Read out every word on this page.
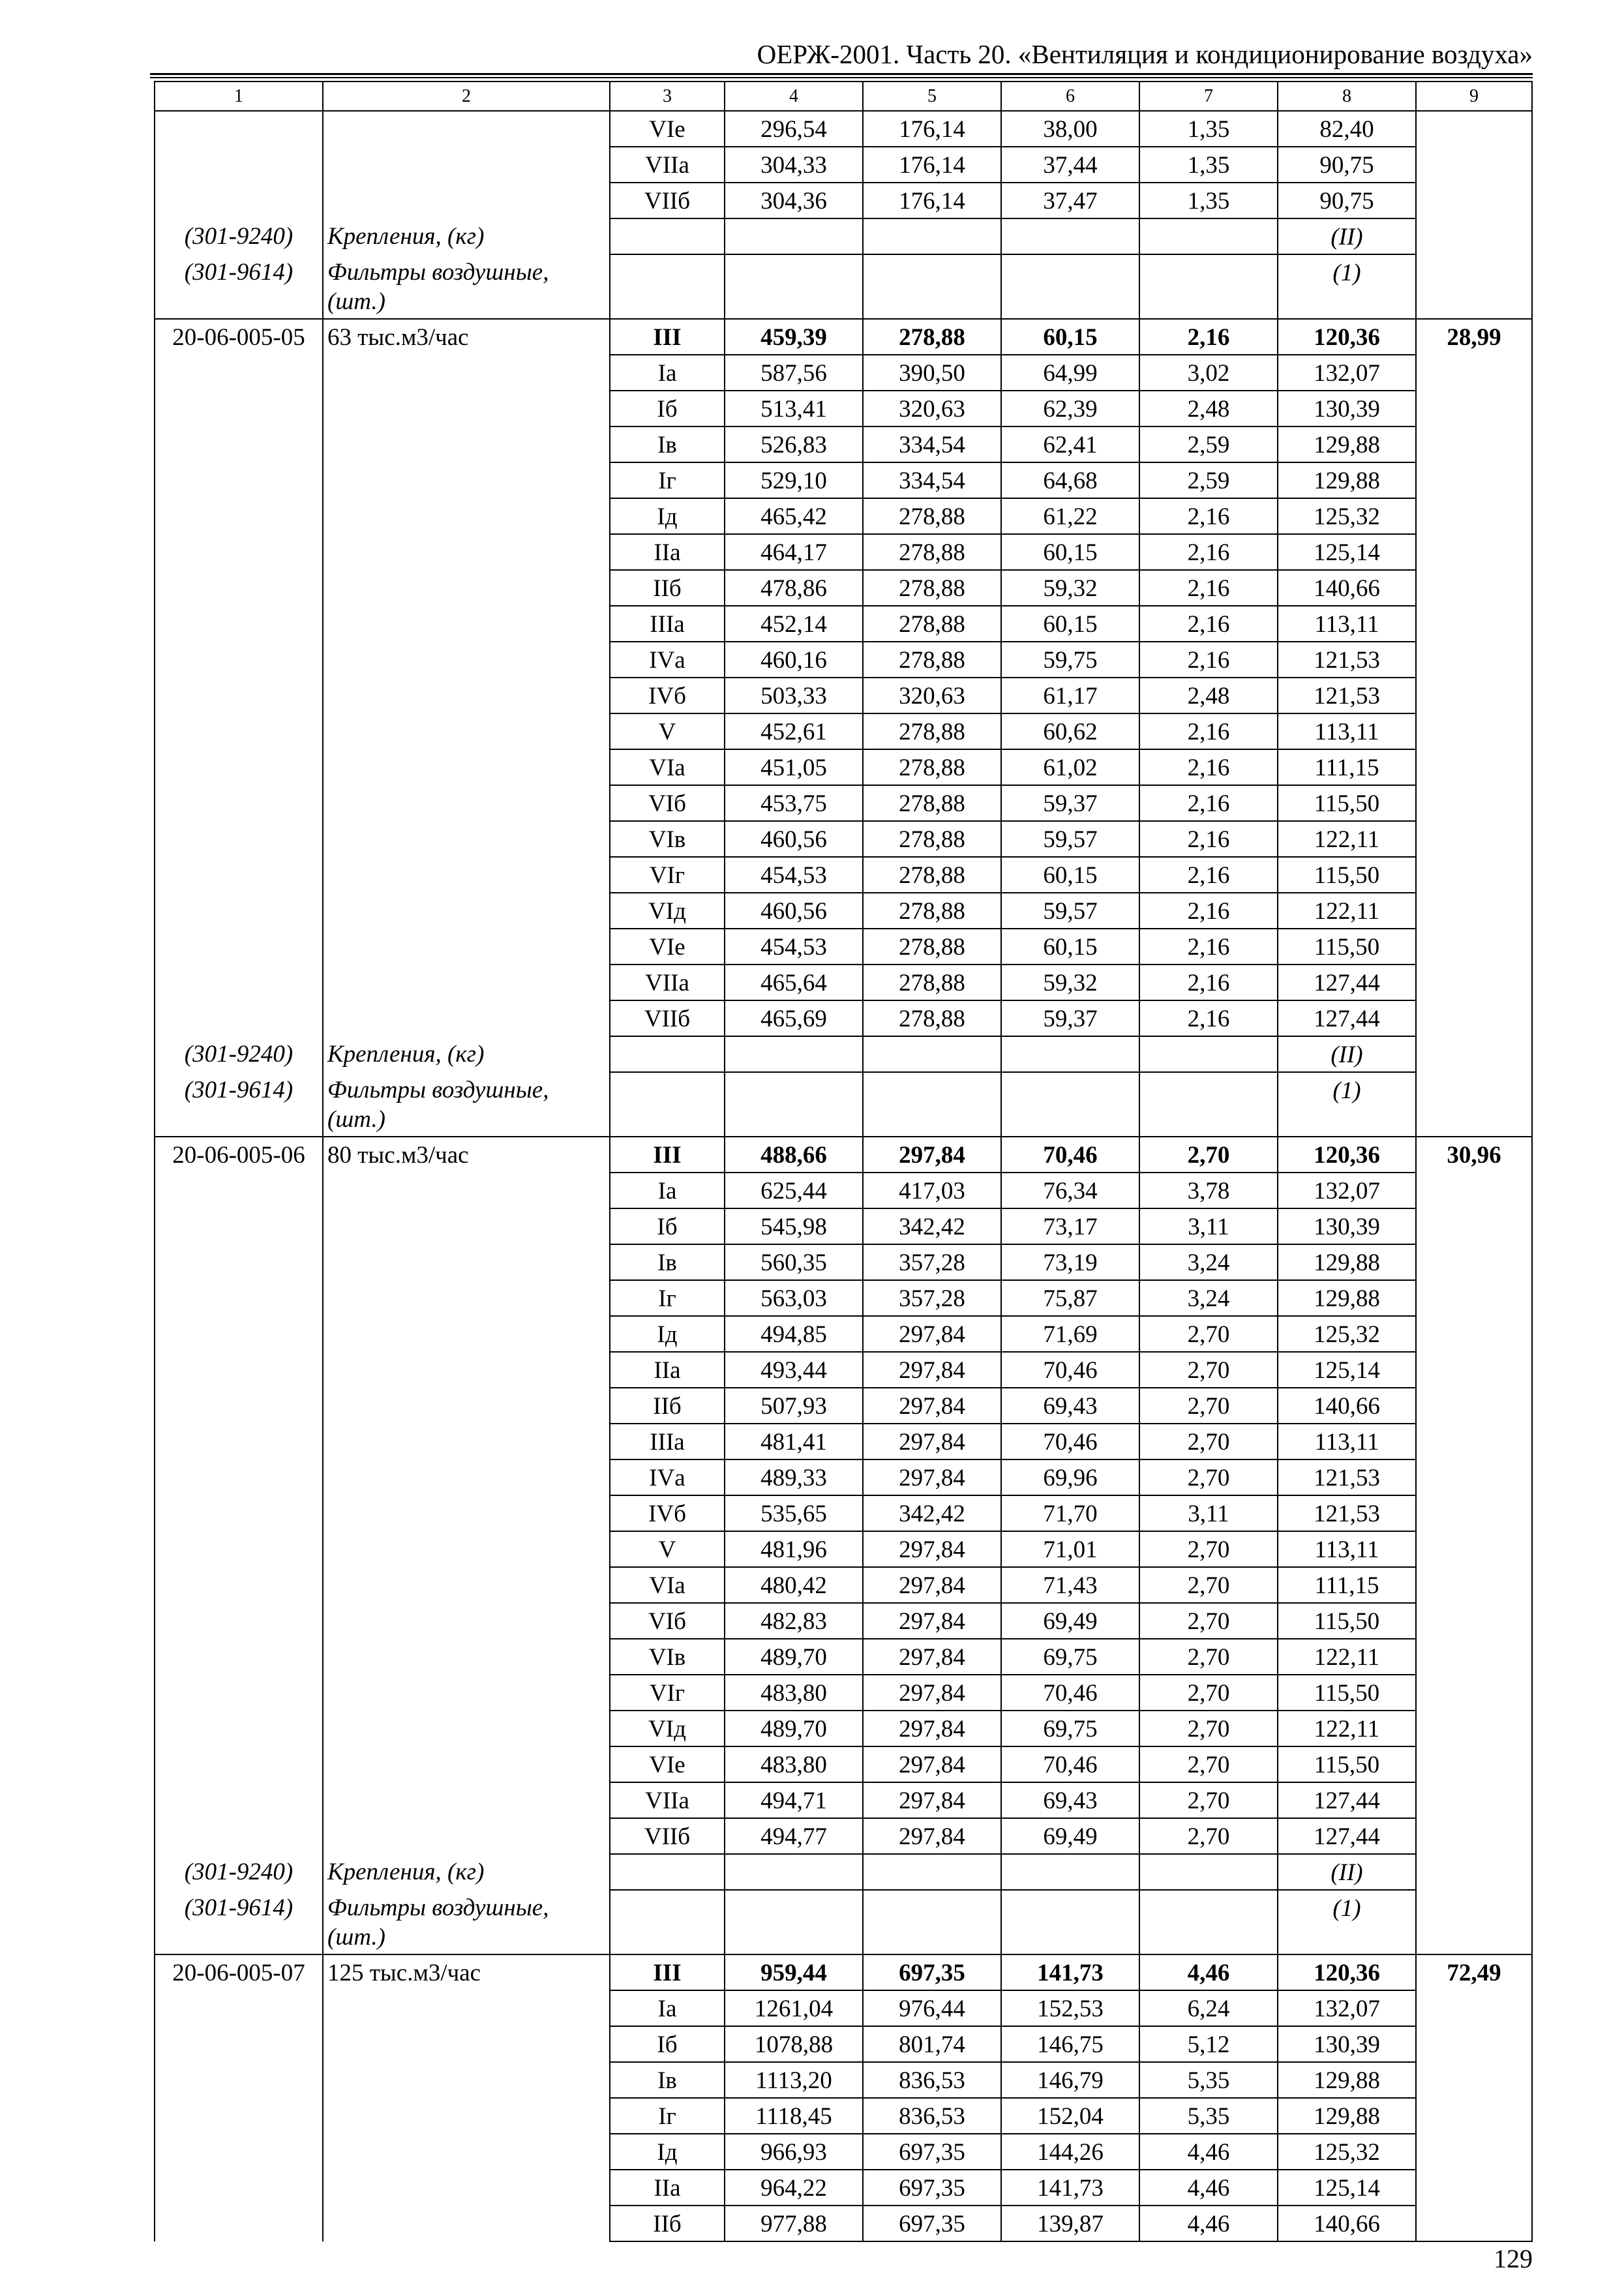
ОЕРЖ-2001. Часть 20. «Вентиляция и кондиционирование воздуха»
1	2	3	4	5	6	7	8	9
		VIе	296,54	176,14	38,00	1,35	82,40	
		VIIа	304,33	176,14	37,44	1,35	90,75	
		VIIб	304,36	176,14	37,47	1,35	90,75	
(301-9240)	Крепления, (кг)						(II)	
(301-9614)	Фильтры воздушные, (шт.)						(1)	
20-06-005-05	63 тыс.м3/час	III	459,39	278,88	60,15	2,16	120,36	28,99
		Iа	587,56	390,50	64,99	3,02	132,07	
		Iб	513,41	320,63	62,39	2,48	130,39	
		Iв	526,83	334,54	62,41	2,59	129,88	
		Iг	529,10	334,54	64,68	2,59	129,88	
		Iд	465,42	278,88	61,22	2,16	125,32	
		IIа	464,17	278,88	60,15	2,16	125,14	
		IIб	478,86	278,88	59,32	2,16	140,66	
		IIIа	452,14	278,88	60,15	2,16	113,11	
		IVа	460,16	278,88	59,75	2,16	121,53	
		IVб	503,33	320,63	61,17	2,48	121,53	
		V	452,61	278,88	60,62	2,16	113,11	
		VIа	451,05	278,88	61,02	2,16	111,15	
		VIб	453,75	278,88	59,37	2,16	115,50	
		VIв	460,56	278,88	59,57	2,16	122,11	
		VIг	454,53	278,88	60,15	2,16	115,50	
		VIд	460,56	278,88	59,57	2,16	122,11	
		VIе	454,53	278,88	60,15	2,16	115,50	
		VIIа	465,64	278,88	59,32	2,16	127,44	
		VIIб	465,69	278,88	59,37	2,16	127,44	
(301-9240)	Крепления, (кг)						(II)	
(301-9614)	Фильтры воздушные, (шт.)						(1)	
20-06-005-06	80 тыс.м3/час	III	488,66	297,84	70,46	2,70	120,36	30,96
		Iа	625,44	417,03	76,34	3,78	132,07	
		Iб	545,98	342,42	73,17	3,11	130,39	
		Iв	560,35	357,28	73,19	3,24	129,88	
		Iг	563,03	357,28	75,87	3,24	129,88	
		Iд	494,85	297,84	71,69	2,70	125,32	
		IIа	493,44	297,84	70,46	2,70	125,14	
		IIб	507,93	297,84	69,43	2,70	140,66	
		IIIа	481,41	297,84	70,46	2,70	113,11	
		IVа	489,33	297,84	69,96	2,70	121,53	
		IVб	535,65	342,42	71,70	3,11	121,53	
		V	481,96	297,84	71,01	2,70	113,11	
		VIа	480,42	297,84	71,43	2,70	111,15	
		VIб	482,83	297,84	69,49	2,70	115,50	
		VIв	489,70	297,84	69,75	2,70	122,11	
		VIг	483,80	297,84	70,46	2,70	115,50	
		VIд	489,70	297,84	69,75	2,70	122,11	
		VIе	483,80	297,84	70,46	2,70	115,50	
		VIIа	494,71	297,84	69,43	2,70	127,44	
		VIIб	494,77	297,84	69,49	2,70	127,44	
(301-9240)	Крепления, (кг)						(II)	
(301-9614)	Фильтры воздушные, (шт.)						(1)	
20-06-005-07	125 тыс.м3/час	III	959,44	697,35	141,73	4,46	120,36	72,49
		Iа	1261,04	976,44	152,53	6,24	132,07	
		Iб	1078,88	801,74	146,75	5,12	130,39	
		Iв	1113,20	836,53	146,79	5,35	129,88	
		Iг	1118,45	836,53	152,04	5,35	129,88	
		Iд	966,93	697,35	144,26	4,46	125,32	
		IIа	964,22	697,35	141,73	4,46	125,14	
		IIб	977,88	697,35	139,87	4,46	140,66	
129
